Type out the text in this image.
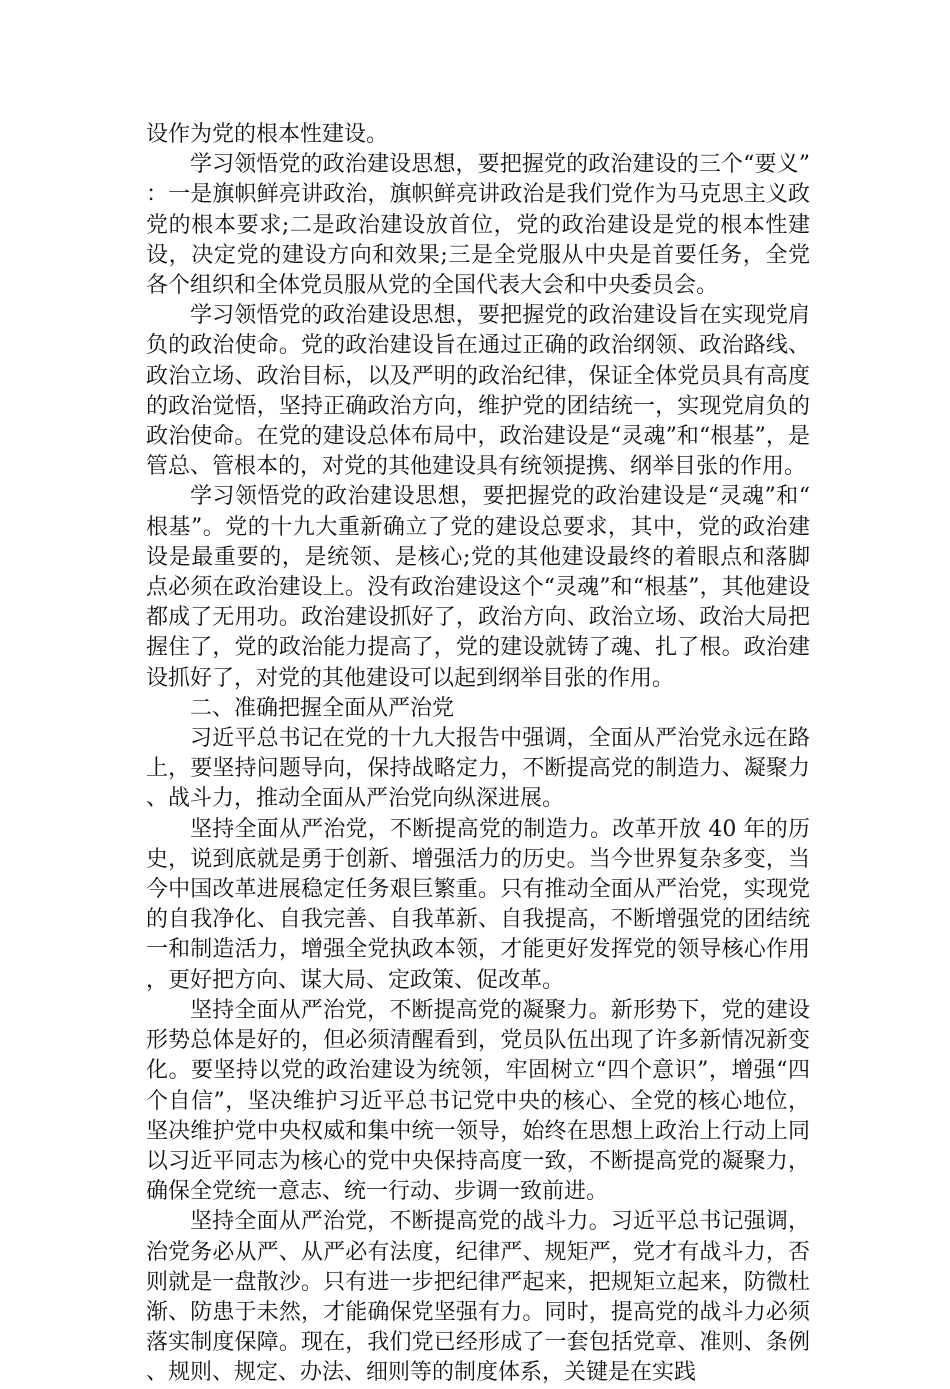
设作为党的根本性建设。

学习领悟党的政治建设思想，要把握党的政治建设的三个“要义”：一是旗帜鲜亮讲政治，旗帜鲜亮讲政治是我们党作为马克思主义政党的根本要求;二是政治建设放首位，党的政治建设是党的根本性建设，决定党的建设方向和效果;三是全党服从中央是首要任务，全党各个组织和全体党员服从党的全国代表大会和中央委员会。

学习领悟党的政治建设思想，要把握党的政治建设旨在实现党肩负的政治使命。党的政治建设旨在通过正确的政治纲领、政治路线、政治立场、政治目标，以及严明的政治纪律，保证全体党员具有高度的政治觉悟，坚持正确政治方向，维护党的团结统一，实现党肩负的政治使命。在党的建设总体布局中，政治建设是“灵魂”和“根基”，是管总、管根本的，对党的其他建设具有统领提携、纲举目张的作用。

学习领悟党的政治建设思想，要把握党的政治建设是“灵魂”和“根基”。党的十九大重新确立了党的建设总要求，其中，党的政治建设是最重要的，是统领、是核心;党的其他建设最终的着眼点和落脚点必须在政治建设上。没有政治建设这个“灵魂”和“根基”，其他建设都成了无用功。政治建设抓好了，政治方向、政治立场、政治大局把握住了，党的政治能力提高了，党的建设就铸了魂、扎了根。政治建设抓好了，对党的其他建设可以起到纲举目张的作用。

二、准确把握全面从严治党

习近平总书记在党的十九大报告中强调，全面从严治党永远在路上，要坚持问题导向，保持战略定力，不断提高党的制造力、凝聚力、战斗力，推动全面从严治党向纵深进展。

坚持全面从严治党，不断提高党的制造力。改革开放 40 年的历史，说到底就是勇于创新、增强活力的历史。当今世界复杂多变，当今中国改革进展稳定任务艰巨繁重。只有推动全面从严治党，实现党的自我净化、自我完善、自我革新、自我提高，不断增强党的团结统一和制造活力，增强全党执政本领，才能更好发挥党的领导核心作用，更好把方向、谋大局、定政策、促改革。

坚持全面从严治党，不断提高党的凝聚力。新形势下，党的建设形势总体是好的，但必须清醒看到，党员队伍出现了许多新情况新变化。要坚持以党的政治建设为统领，牢固树立“四个意识”，增强“四个自信”，坚决维护习近平总书记党中央的核心、全党的核心地位，坚决维护党中央权威和集中统一领导，始终在思想上政治上行动上同以习近平同志为核心的党中央保持高度一致，不断提高党的凝聚力，确保全党统一意志、统一行动、步调一致前进。

坚持全面从严治党，不断提高党的战斗力。习近平总书记强调，治党务必从严、从严必有法度，纪律严、规矩严，党才有战斗力，否则就是一盘散沙。只有进一步把纪律严起来，把规矩立起来，防微杜渐、防患于未然，才能确保党坚强有力。同时，提高党的战斗力必须落实制度保障。现在，我们党已经形成了一套包括党章、准则、条例、规则、规定、办法、细则等的制度体系，关键是在实践
